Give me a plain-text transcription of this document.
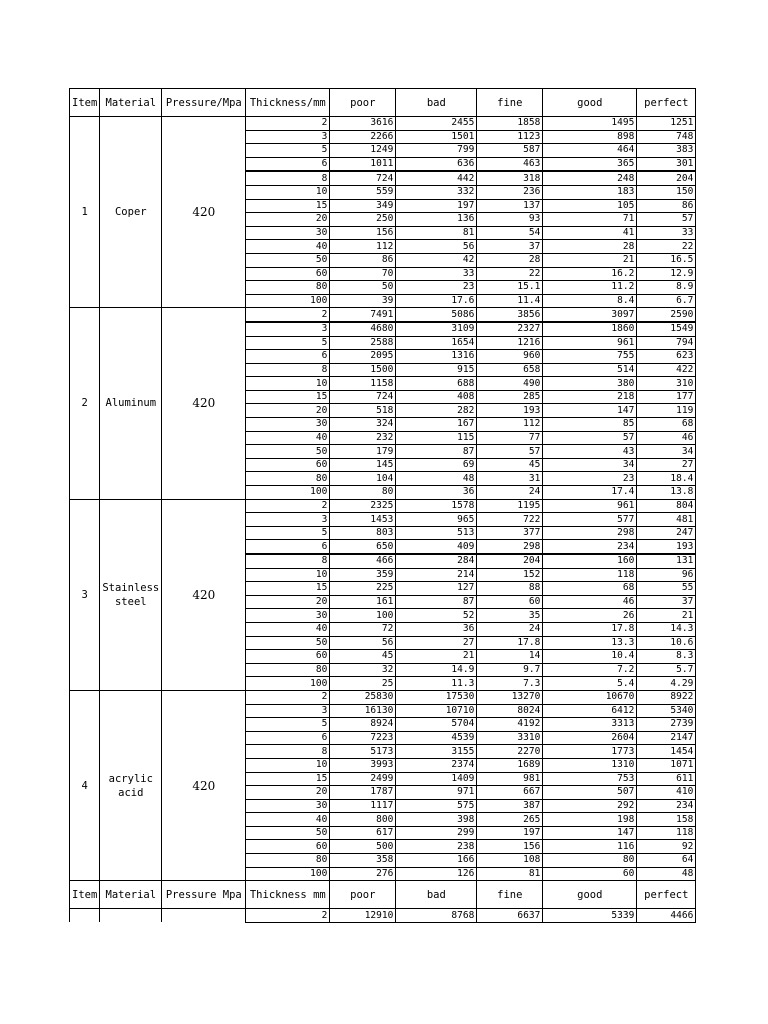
Item	Material	Pressure/Mpa	Thickness/mm	poor	bad	fine	good	perfect
1	Coper	420	2	3616	2455	1858	1495	1251
			3	2266	1501	1123	898	748
			5	1249	799	587	464	383
			6	1011	636	463	365	301
			8	724	442	318	248	204
			10	559	332	236	183	150
			15	349	197	137	105	86
			20	250	136	93	71	57
			30	156	81	54	41	33
			40	112	56	37	28	22
			50	86	42	28	21	16.5
			60	70	33	22	16.2	12.9
			80	50	23	15.1	11.2	8.9
			100	39	17.6	11.4	8.4	6.7
2	Aluminum	420	2	7491	5086	3856	3097	2590
			3	4680	3109	2327	1860	1549
			5	2588	1654	1216	961	794
			6	2095	1316	960	755	623
			8	1500	915	658	514	422
			10	1158	688	490	380	310
			15	724	408	285	218	177
			20	518	282	193	147	119
			30	324	167	112	85	68
			40	232	115	77	57	46
			50	179	87	57	43	34
			60	145	69	45	34	27
			80	104	48	31	23	18.4
			100	80	36	24	17.4	13.8
3	Stainless steel	420	2	2325	1578	1195	961	804
			3	1453	965	722	577	481
			5	803	513	377	298	247
			6	650	409	298	234	193
			8	466	284	204	160	131
			10	359	214	152	118	96
			15	225	127	88	68	55
			20	161	87	60	46	37
			30	100	52	35	26	21
			40	72	36	24	17.8	14.3
			50	56	27	17.8	13.3	10.6
			60	45	21	14	10.4	8.3
			80	32	14.9	9.7	7.2	5.7
			100	25	11.3	7.3	5.4	4.29
4	acrylic acid	420	2	25830	17530	13270	10670	8922
			3	16130	10710	8024	6412	5340
			5	8924	5704	4192	3313	2739
			6	7223	4539	3310	2604	2147
			8	5173	3155	2270	1773	1454
			10	3993	2374	1689	1310	1071
			15	2499	1409	981	753	611
			20	1787	971	667	507	410
			30	1117	575	387	292	234
			40	800	398	265	198	158
			50	617	299	197	147	118
			60	500	238	156	116	92
			80	358	166	108	80	64
			100	276	126	81	60	48
Item	Material	Pressure Mpa	Thickness mm	poor	bad	fine	good	perfect
			2	12910	8768	6637	5339	4466
